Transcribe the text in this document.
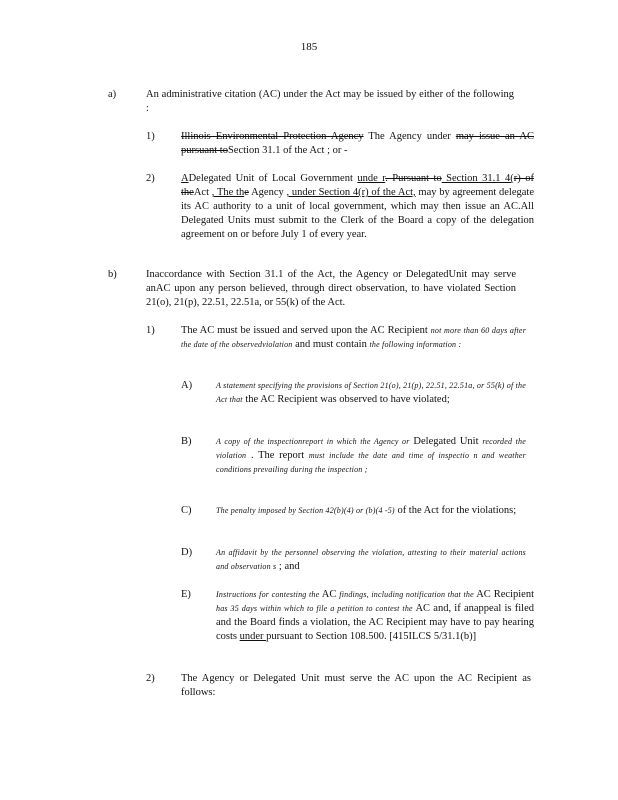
185
a)	An administrative citation (AC) under the Act may be issued by either of the following :
1)	Illinois Environmental Protection Agency The Agency under may issue an AC pursuant toSection 31.1 of the Act ; or -
2)	ADelegated Unit of Local Government unde r. Pursuant to Section 31.1 4(r) of theAct , The the Agency , under Section 4(r) of the Act, may by agreement delegate its AC authority to a unit of local government, which may then issue an AC.All Delegated Units must submit to the Clerk of the Board a copy of the delegation agreement on or before July 1 of every year.
b)	Inaccordance with Section 31.1 of the Act, the Agency or DelegatedUnit may serve anAC upon any person believed, through direct observation, to have violated Section 21(o), 21(p), 22.51, 22.51a, or 55(k) of the Act.
1)	The AC must be issued and served upon the AC Recipient not more than 60 days after the date of the observedviolation and must contain the following information :
A)	A statement specifying the provisions of Section 21(o), 21(p), 22.51, 22.51a, or 55(k) of the Act that the AC Recipient was observed to have violated;
B)	A copy of the inspectionreport in which the Agency or Delegated Unit recorded the violation . The report must include the date and time of inspectio n and weather conditions prevailing during the inspection ;
C)	The penalty imposed by Section 42(b)(4) or (b)(4 -5) of the Act for the violations;
D)	An affidavit by the personnel observing the violation, attesting to their material actions and observation s ; and
E)	Instructions for contesting the AC findings, including notification that the AC Recipient has 35 days within which to file a petition to contest the AC and, if anappeal is filed and the Board finds a violation, the AC Recipient may have to pay hearing costs under pursuant to Section 108.500. [415ILCS 5/31.1(b)]
2)	The Agency or Delegated Unit must serve the AC upon the AC Recipient as follows:
